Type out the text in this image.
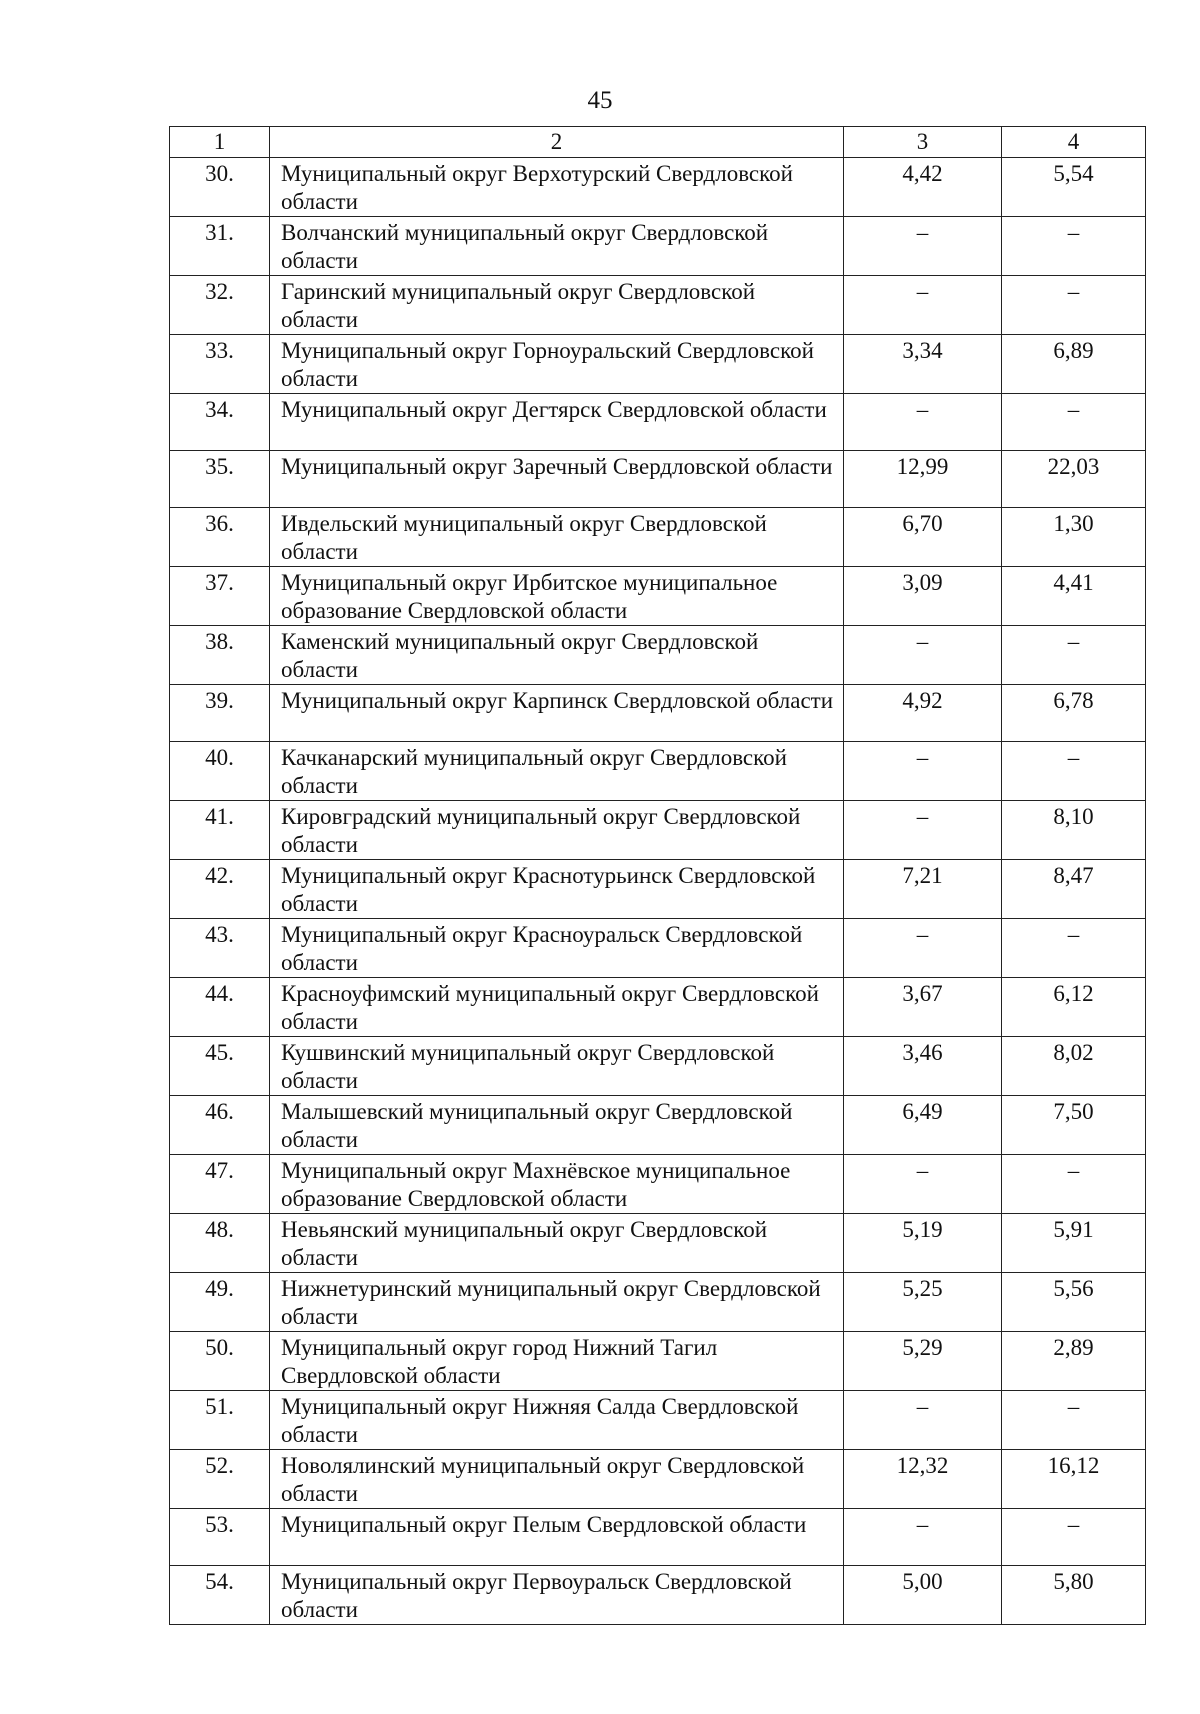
45
1	2	3	4
30.	Муниципальный округ Верхотурский Свердловской области	4,42	5,54
31.	Волчанский муниципальный округ Свердловской области	–	–
32.	Гаринский муниципальный округ Свердловской области	–	–
33.	Муниципальный округ Горноуральский Свердловской области	3,34	6,89
34.	Муниципальный округ Дегтярск Свердловской области	–	–
35.	Муниципальный округ Заречный Свердловской области	12,99	22,03
36.	Ивдельский муниципальный округ Свердловской области	6,70	1,30
37.	Муниципальный округ Ирбитское муниципальное образование Свердловской области	3,09	4,41
38.	Каменский муниципальный округ Свердловской области	–	–
39.	Муниципальный округ Карпинск Свердловской области	4,92	6,78
40.	Качканарский муниципальный округ Свердловской области	–	–
41.	Кировградский муниципальный округ Свердловской области	–	8,10
42.	Муниципальный округ Краснотурьинск Свердловской области	7,21	8,47
43.	Муниципальный округ Красноуральск Свердловской области	–	–
44.	Красноуфимский муниципальный округ Свердловской области	3,67	6,12
45.	Кушвинский муниципальный округ Свердловской области	3,46	8,02
46.	Малышевский муниципальный округ Свердловской области	6,49	7,50
47.	Муниципальный округ Махнёвское муниципальное образование Свердловской области	–	–
48.	Невьянский муниципальный округ Свердловской области	5,19	5,91
49.	Нижнетуринский муниципальный округ Свердловской области	5,25	5,56
50.	Муниципальный округ город Нижний Тагил Свердловской области	5,29	2,89
51.	Муниципальный округ Нижняя Салда Свердловской области	–	–
52.	Новолялинский муниципальный округ Свердловской области	12,32	16,12
53.	Муниципальный округ Пелым Свердловской области	–	–
54.	Муниципальный округ Первоуральск Свердловской области	5,00	5,80
